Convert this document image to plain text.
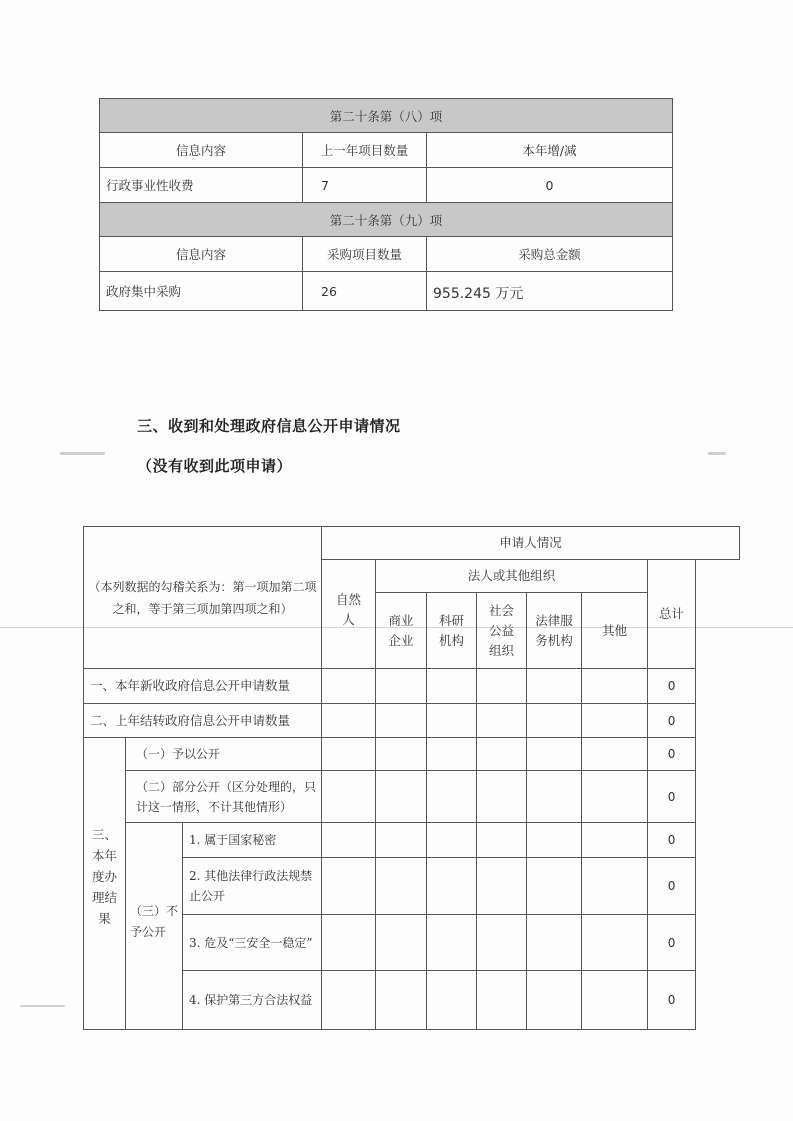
第二十条第（八）项		
信息内容	上一年项目数量	本年增/减
行政事业性收费	7	0
第二十条第（九）项		
信息内容	采购项目数量	采购总金额
政府集中采购	26	955.245 万元
三、收到和处理政府信息公开申请情况
（没有收到此项申请）
（本列数据的勾稽关系为：第一项加第二项之和，等于第三项加第四项之和）			申请人情况						
			自然人	法人或其他组织					总计
				商业企业	科研机构	社会公益组织	法律服务机构	其他	
一、本年新收政府信息公开申请数量									0
二、上年结转政府信息公开申请数量									0
三、本年度办理结果	（一）予以公开								0
	（二）部分公开（区分处理的，只计这一情形，不计其他情形）								0
	（三）不予公开	1. 属于国家秘密							0
		2. 其他法律行政法规禁止公开							0
		3. 危及“三安全一稳定”							0
		4. 保护第三方合法权益							0
